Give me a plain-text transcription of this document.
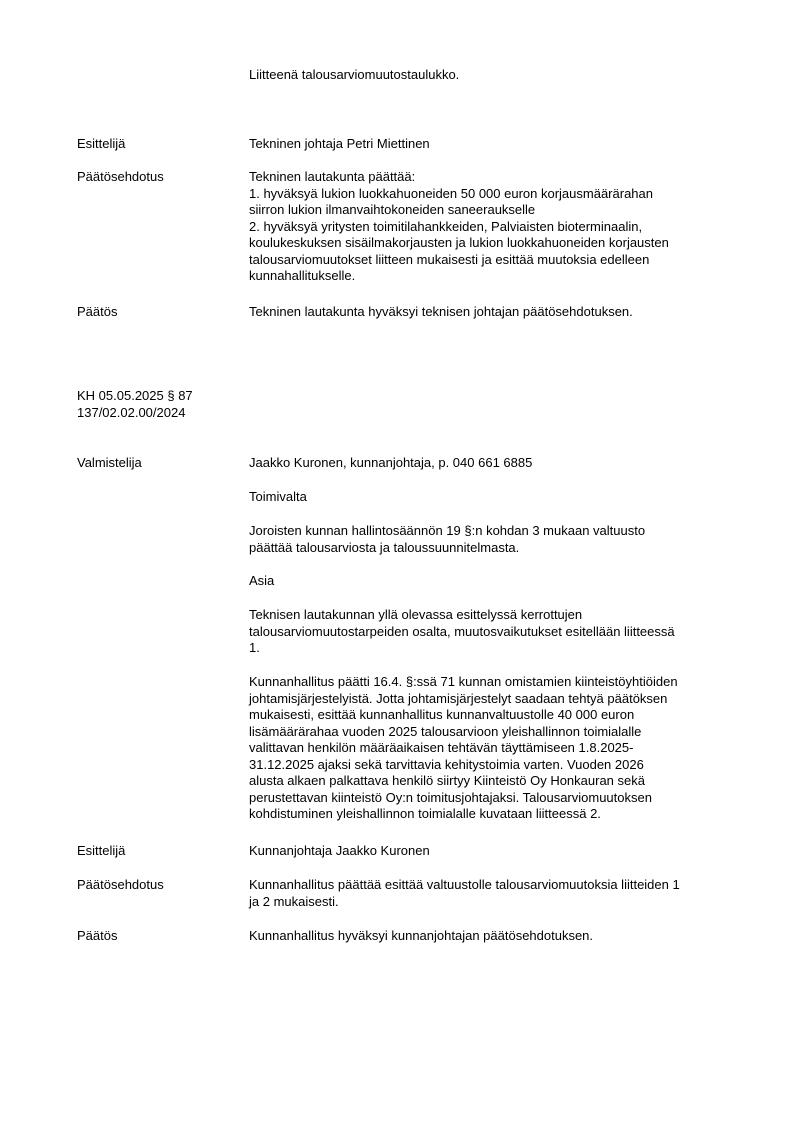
Liitteenä talousarviomuutostaulukko.
Esittelijä	Tekninen johtaja Petri Miettinen
Päätösehdotus	Tekninen lautakunta päättää:
1. hyväksyä lukion luokkahuoneiden 50 000 euron korjausmäärärahan
siirron lukion ilmanvaihtokoneiden saneeraukselle
2. hyväksyä yritysten toimitilahankkeiden, Palviaisten bioterminaalin,
koulukeskuksen sisäilmakorjausten ja lukion luokkahuoneiden korjausten
talousarviomuutokset liitteen mukaisesti ja esittää muutoksia edelleen
kunnahallitukselle.
Päätös	Tekninen lautakunta hyväksyi teknisen johtajan päätösehdotuksen.
KH 05.05.2025 § 87
137/02.02.00/2024
Valmistelija	Jaakko Kuronen, kunnanjohtaja, p. 040 661 6885
Toimivalta
Joroisten kunnan hallintosäännön 19 §:n kohdan 3 mukaan valtuusto
päättää talousarviosta ja taloussuunnitelmasta.
Asia
Teknisen lautakunnan yllä olevassa esittelyssä kerrottujen
talousarviomuutostarpeiden osalta, muutosvaikutukset esitellään liitteessä
1.
Kunnanhallitus päätti 16.4. §:ssä 71 kunnan omistamien kiinteistöyhtiöiden
johtamisjärjestelyistä. Jotta johtamisjärjestelyt saadaan tehtyä päätöksen
mukaisesti, esittää kunnanhallitus kunnanvaltuustolle 40 000 euron
lisämäärärahaa vuoden 2025 talousarvioon yleishallinnon toimialalle
valittavan henkilön määräaikaisen tehtävän täyttämiseen 1.8.2025-
31.12.2025 ajaksi sekä tarvittavia kehitystoimia varten. Vuoden 2026
alusta alkaen palkattava henkilö siirtyy Kiinteistö Oy Honkauran sekä
perustettavan kiinteistö Oy:n toimitusjohtajaksi. Talousarviomuutoksen
kohdistuminen yleishallinnon toimialalle kuvataan liitteessä 2.
Esittelijä	Kunnanjohtaja Jaakko Kuronen
Päätösehdotus	Kunnanhallitus päättää esittää valtuustolle talousarviomuutoksia liitteiden 1
ja 2 mukaisesti.
Päätös	Kunnanhallitus hyväksyi kunnanjohtajan päätösehdotuksen.
